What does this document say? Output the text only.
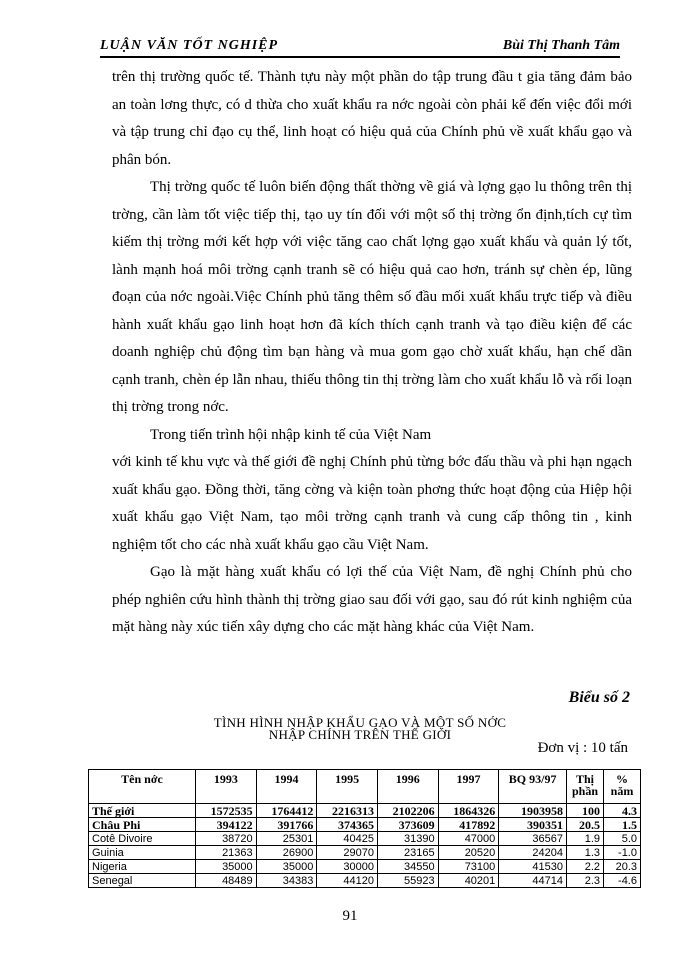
LUẬN VĂN TỐT NGHIỆP	Bùi Thị Thanh Tâm

trên thị trường quốc tế. Thành tựu này một phần do tập trung đầu t gia tăng đảm bảo an toàn lơng thực, có d thừa cho xuất khẩu ra nớc ngoài còn phải kể đến việc đổi mới và tập trung chỉ đạo cụ thể, linh hoạt có hiệu quả của Chính phủ về xuất khẩu gạo và phân bón.

Thị trờng quốc tế luôn biến động thất thờng về giá và lợng gạo lu thông trên thị trờng, cần làm tốt việc tiếp thị, tạo uy tín đối với một số thị trờng ổn định,tích cự tìm kiếm thị trờng mới kết hợp với việc tăng cao chất lợng gạo xuất khẩu và quản lý tốt, lành mạnh hoá môi trờng cạnh tranh sẽ có hiệu quả cao hơn, tránh sự chèn ép, lũng đoạn của nớc ngoài.Việc Chính phủ tăng thêm số đầu mối xuất khẩu trực tiếp và điều hành xuất khẩu gạo linh hoạt hơn đã kích thích cạnh tranh và tạo điều kiện để các doanh nghiệp chủ động tìm bạn hàng và mua gom gạo chờ xuất khẩu, hạn chế dần cạnh tranh, chèn ép lẫn nhau, thiếu thông tin thị trờng làm cho xuất khẩu lỗ và rối loạn thị trờng trong nớc.

Trong tiến trình hội nhập kinh tế của Việt Nam

với kinh tế khu vực và thế giới đề nghị Chính phủ từng bớc đấu thầu và phi hạn ngạch xuất khẩu gạo. Đồng thời, tăng cờng và kiện toàn phơng thức hoạt động của Hiệp hội xuất khẩu gạo Việt Nam, tạo môi trờng cạnh tranh và cung cấp thông tin , kinh nghiệm tốt cho các nhà xuất khẩu gạo cầu Việt Nam.

Gạo là mặt hàng xuất khẩu có lợi thế của Việt Nam, đề nghị Chính phủ cho phép nghiên cứu hình thành thị trờng giao sau đối với gạo, sau đó rút kinh nghiệm của mặt hàng này xúc tiến xây dựng cho các mặt hàng khác của Việt Nam.

Biểu số 2
TÌNH HÌNH NHẬP KHẨU GẠO VÀ MỘT SỐ NỚC
NHẬP CHÍNH TRÊN THẾ GIỚI
Đơn vị : 10 tấn
Tên nớc	1993	1994	1995	1996	1997	BQ 93/97	Thị phần	% năm
Thế giới	1572535	1764412	2216313	2102206	1864326	1903958	100	4.3
Châu Phi	394122	391766	374365	373609	417892	390351	20.5	1.5
Cotê Divoire	38720	25301	40425	31390	47000	36567	1.9	5.0
Guinia	21363	26900	29070	23165	20520	24204	1.3	-1.0
Nigeria	35000	35000	30000	34550	73100	41530	2.2	20.3
Senegal	48489	34383	44120	55923	40201	44714	2.3	-4.6
91
